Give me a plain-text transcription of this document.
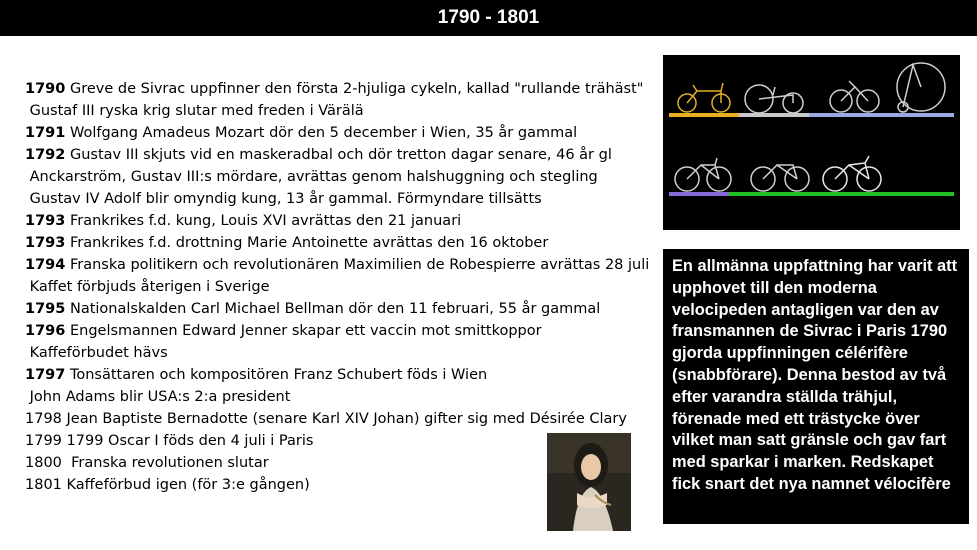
1790 - 1801
1790 Greve de Sivrac uppfinner den första 2-hjuliga cykeln, kallad "rullande trähäst"
Gustaf III ryska krig slutar med freden i Värälä
1791 Wolfgang Amadeus Mozart dör den 5 december i Wien, 35 år gammal
1792 Gustav III skjuts vid en maskeradbal och dör tretton dagar senare, 46 år gl
Anckarström, Gustav III:s mördare, avrättas genom halshuggning och stegling
Gustav IV Adolf blir omyndig kung, 13 år gammal. Förmyndare tillsätts
1793 Frankrikes f.d. kung, Louis XVI avrättas den 21 januari
1793 Frankrikes f.d. drottning Marie Antoinette avrättas den 16 oktober
1794 Franska politikern och revolutionären Maximilien de Robespierre avrättas 28 juli
Kaffet förbjuds återigen i Sverige
1795 Nationalskalden Carl Michael Bellman dör den 11 februari, 55 år gammal
1796 Engelsmannen Edward Jenner skapar ett vaccin mot smittkoppor
Kaffeförbudet hävs
1797 Tonsättaren och kompositören Franz Schubert föds i Wien
John Adams blir USA:s 2:a president
1798 Jean Baptiste Bernadotte (senare Karl XIV Johan) gifter sig med Désirée Clary
1799 1799 Oscar I föds den 4 juli i Paris
1800  Franska revolutionen slutar
1801 Kaffeförbud igen (för 3:e gången)
En allmänna uppfattning har varit att upphovet till den moderna velocipeden antagligen var den av fransmannen de Sivrac i Paris 1790 gjorda uppfinningen célérifère (snabbförare). Denna bestod av två efter varandra ställda trähjul, förenade med ett trästycke över vilket man satt gränsle och gav fart med sparkar i marken. Redskapet fick snart det nya namnet vélocifère
